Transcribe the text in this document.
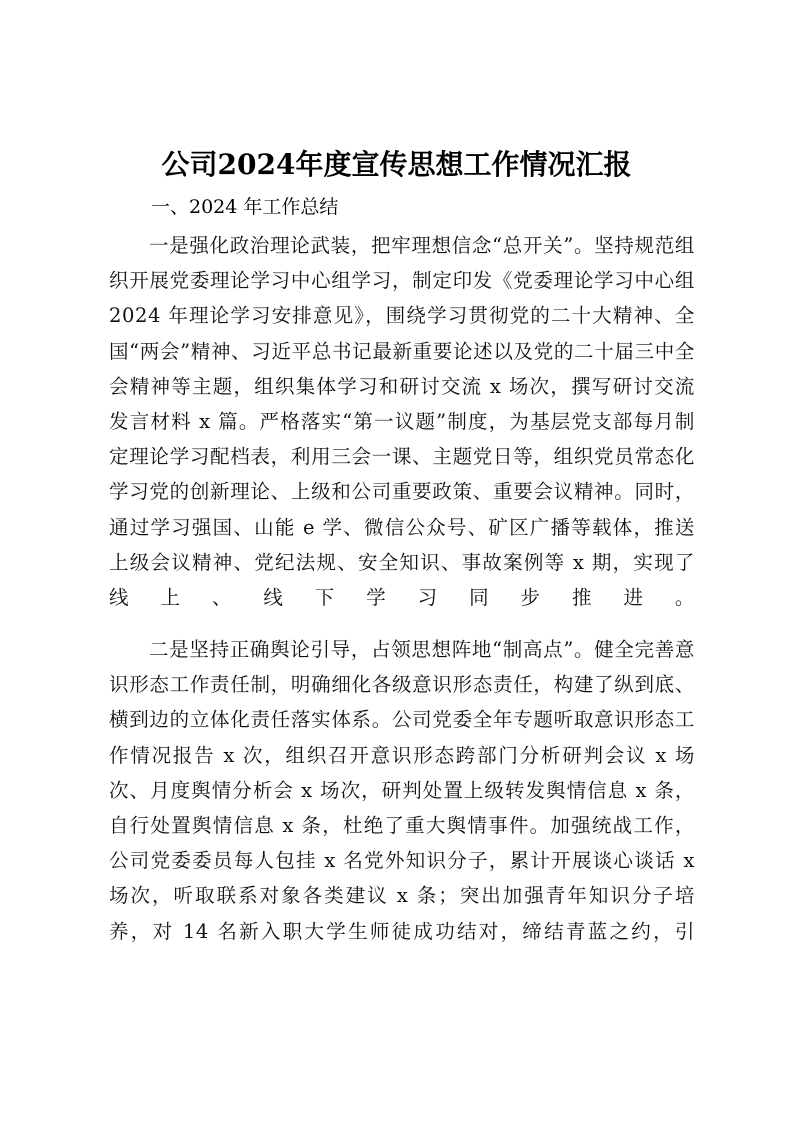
公司2024年度宣传思想工作情况汇报

一、2024 年工作总结

一是强化政治理论武装，把牢理想信念“总开关”。坚持规范组织开展党委理论学习中心组学习，制定印发《党委理论学习中心组 2024 年理论学习安排意见》，围绕学习贯彻党的二十大精神、全国“两会”精神、习近平总书记最新重要论述以及党的二十届三中全会精神等主题，组织集体学习和研讨交流 x 场次，撰写研讨交流发言材料 x 篇。严格落实“第一议题”制度，为基层党支部每月制定理论学习配档表，利用三会一课、主题党日等，组织党员常态化学习党的创新理论、上级和公司重要政策、重要会议精神。同时，通过学习强国、山能 e 学、微信公众号、矿区广播等载体，推送上级会议精神、党纪法规、安全知识、事故案例等 x 期，实现了线上、线下学习同步推进。

二是坚持正确舆论引导，占领思想阵地“制高点”。健全完善意识形态工作责任制，明确细化各级意识形态责任，构建了纵到底、横到边的立体化责任落实体系。公司党委全年专题听取意识形态工作情况报告 x 次，组织召开意识形态跨部门分析研判会议 x 场次、月度舆情分析会 x 场次，研判处置上级转发舆情信息 x 条，自行处置舆情信息 x 条，杜绝了重大舆情事件。加强统战工作，公司党委委员每人包挂 x 名党外知识分子，累计开展谈心谈话 x 场次，听取联系对象各类建议 x 条；突出加强青年知识分子培养，对 14 名新入职大学生师徒成功结对，缔结青蓝之约，引
